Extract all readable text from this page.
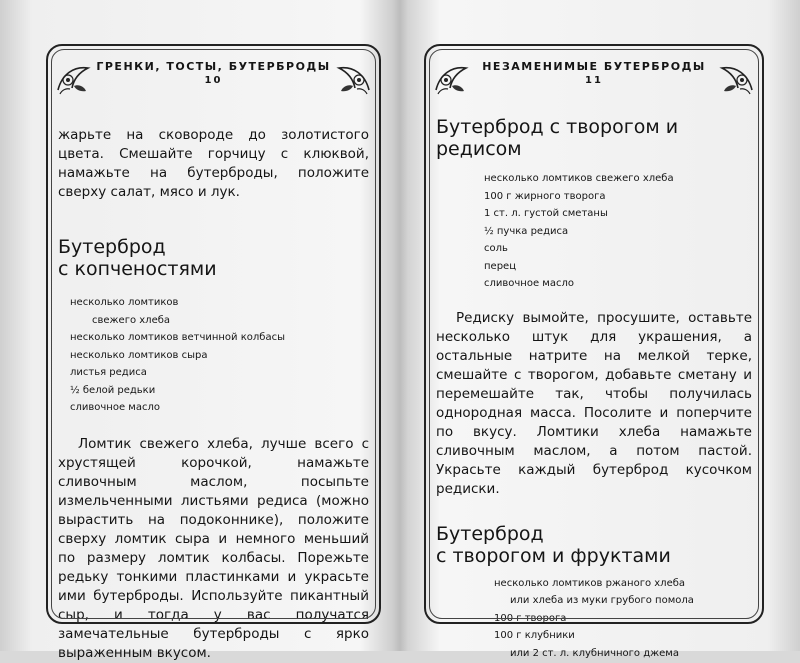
ГРЕНКИ, ТОСТЫ, БУТЕРБРОДЫ
10

жарьте на сковороде до золотистого цвета. Смешайте горчицу с клюквой, намажьте на бутерброды, положите сверху салат, мясо и лук.

Бутерброд
с копченостями
несколько ломтиков
свежего хлеба
несколько ломтиков ветчинной колбасы
несколько ломтиков сыра
листья редиса
½ белой редьки
сливочное масло

Ломтик свежего хлеба, лучше всего с хрустящей корочкой, намажьте сливочным маслом, посыпьте измельченными листьями редиса (можно вырастить на подоконнике), положите сверху ломтик сыра и немного меньший по размеру ломтик колбасы. Порежьте редьку тонкими пластинками и украсьте ими бутерброды. Используйте пикантный сыр, и тогда у вас получатся замечательные бутерброды с ярко выраженным вкусом.

НЕЗАМЕНИМЫЕ БУТЕРБРОДЫ
11
Бутерброд с творогом и редисом
несколько ломтиков свежего хлеба
100 г жирного творога
1 ст. л. густой сметаны
½ пучка редиса
соль
перец
сливочное масло

Редиску вымойте, просушите, оставьте несколько штук для украшения, а остальные натрите на мелкой терке, смешайте с творогом, добавьте сметану и перемешайте так, чтобы получилась однородная масса. Посолите и поперчите по вкусу. Ломтики хлеба намажьте сливочным маслом, а потом пастой. Украсьте каждый бутерброд кусочком редиски.

Бутерброд
с творогом и фруктами
несколько ломтиков ржаного хлеба
или хлеба из муки грубого помола
100 г творога
100 г клубники
или 2 ст. л. клубничного джема
